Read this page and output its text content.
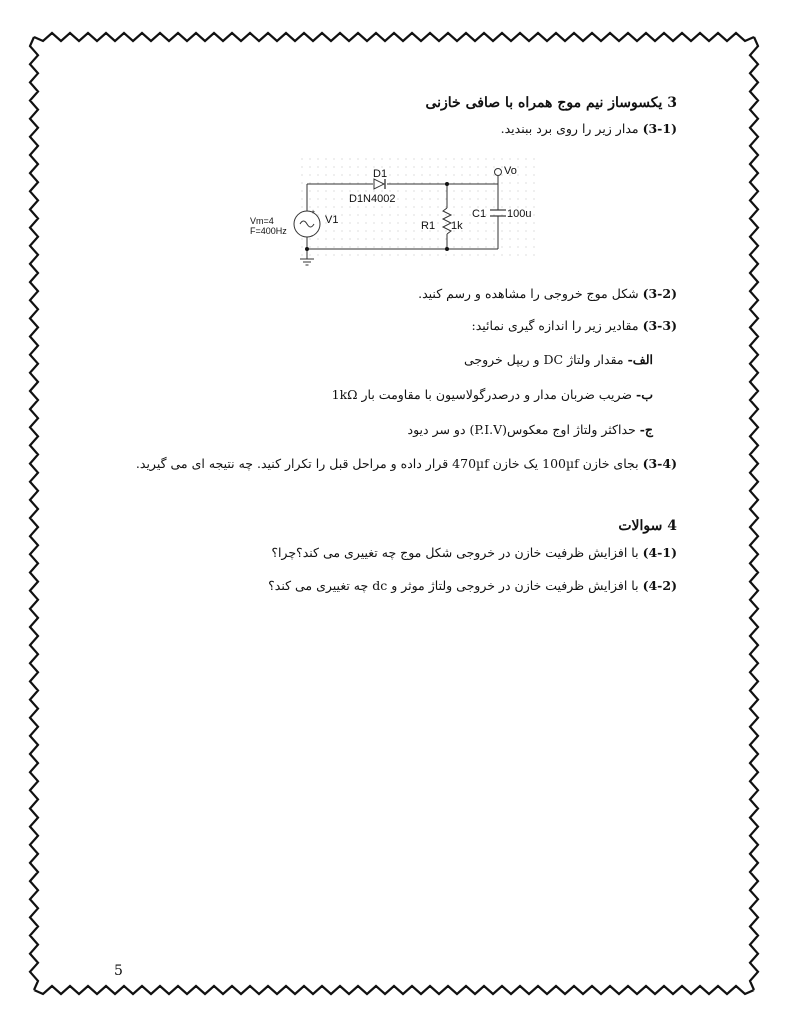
3 یکسوساز نیم موج همراه با صافی خازنی
(3-1) مدار زیر را روی برد ببندید.
+
-
D1
D1N4002
Vo
V1
Vm=4
F=400Hz	R1 1k
C1 100u
(3-2) شکل موج خروجی را مشاهده و رسم کنید.
(3-3) مقادیر زیر را اندازه گیری نمائید:
الف- مقدار ولتاژ DC و ریپل خروجی
ب- ضریب ضربان مدار و درصدرگولاسیون با مقاومت بار 1kΩ
ج- حداکثر ولتاژ اوج معکوس(P.I.V) دو سر دیود
(3-4) بجای خازن 100µf یک خازن 470µf قرار داده و مراحل قبل را تکرار کنید. چه نتیجه ای می گیرید.
4 سوالات
(4-1) با افزایش ظرفیت خازن در خروجی شکل موج چه تغییری می کند؟چرا؟
(4-2) با افزایش ظرفیت خازن در خروجی ولتاژ موثر و dc چه تغییری می کند؟
5
